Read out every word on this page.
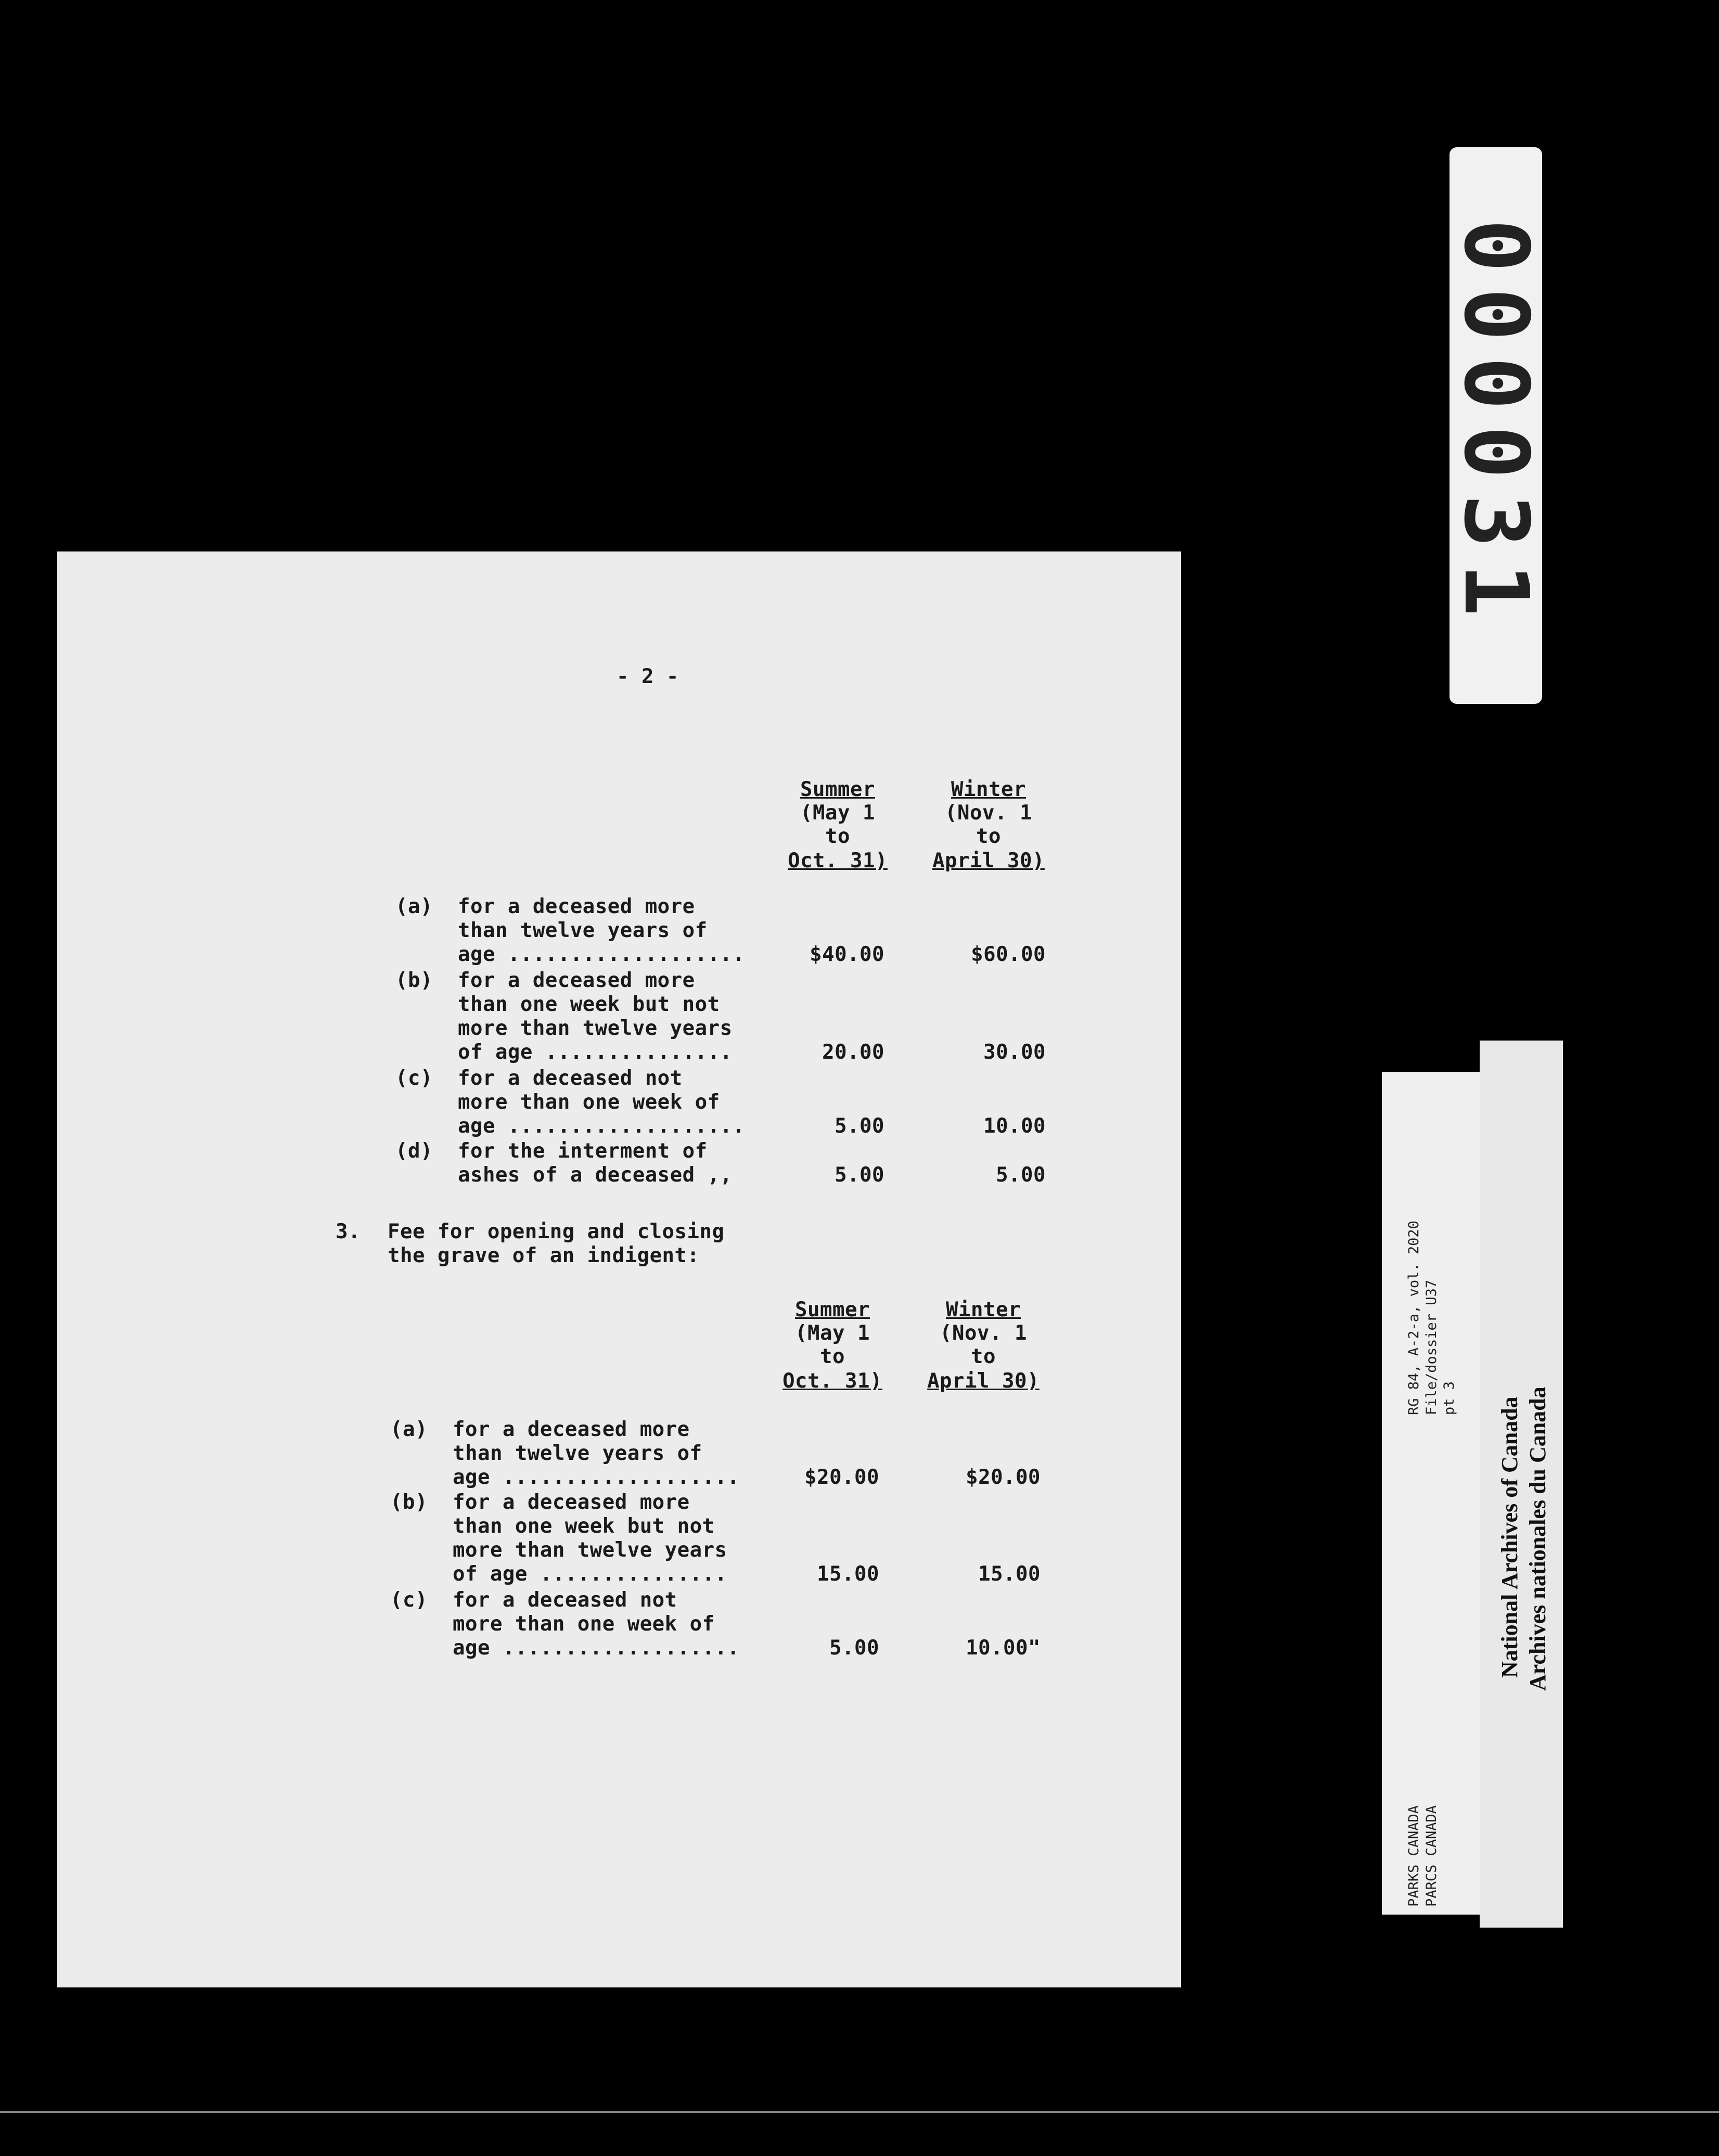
- 2 -
Summer
(May 1
to
Oct. 31)
Winter
(Nov. 1
to
April 30)
(a) for a deceased more
than twelve years of
age ...................	$40.00	$60.00
(b) for a deceased more
than one week but not
more than twelve years
of age ...............	20.00	30.00
(c) for a deceased not
more than one week of
age ...................	5.00	10.00
(d) for the interment of
ashes of a deceased ,,	5.00	5.00
3. Fee for opening and closing
the grave of an indigent:
Summer
(May 1
to
Oct. 31)
Winter
(Nov. 1
to
April 30)
(a) for a deceased more
than twelve years of
age ...................	$20.00	$20.00
(b) for a deceased more
than one week but not
more than twelve years
of age ...............	15.00	15.00
(c) for a deceased not
more than one week of
age ...................	5.00	10.00"
000031
PARKS CANADA PARCS CANADA
RG 84, A-2-a, vol. 2020 File/dossier U37 pt 3 National Archives of Canada Archives nationales du Canada
